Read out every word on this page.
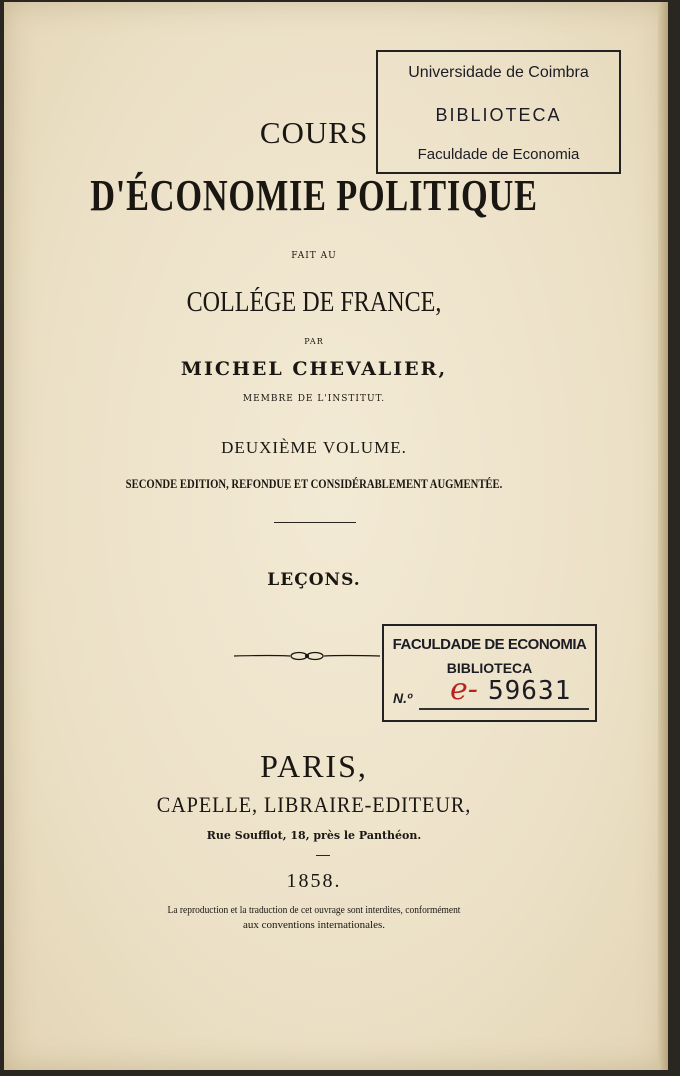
COURS
D'ÉCONOMIE POLITIQUE
FAIT AU
COLLÉGE DE FRANCE,
PAR
MICHEL CHEVALIER,
MEMBRE DE L'INSTITUT.
DEUXIÈME VOLUME.
SECONDE EDITION, REFONDUE ET CONSIDÉRABLEMENT AUGMENTÉE.
LEÇONS.
PARIS,
CAPELLE, LIBRAIRE-EDITEUR,
Rue Soufflot, 18, près le Panthéon.
1858.
La reproduction et la traduction de cet ouvrage sont interdites, conformément
aux conventions internationales.
Universidade de Coimbra
BIBLIOTECA
Faculdade de Economia
FACULDADE DE ECONOMIA
BIBLIOTECA
N.º e- 59631
